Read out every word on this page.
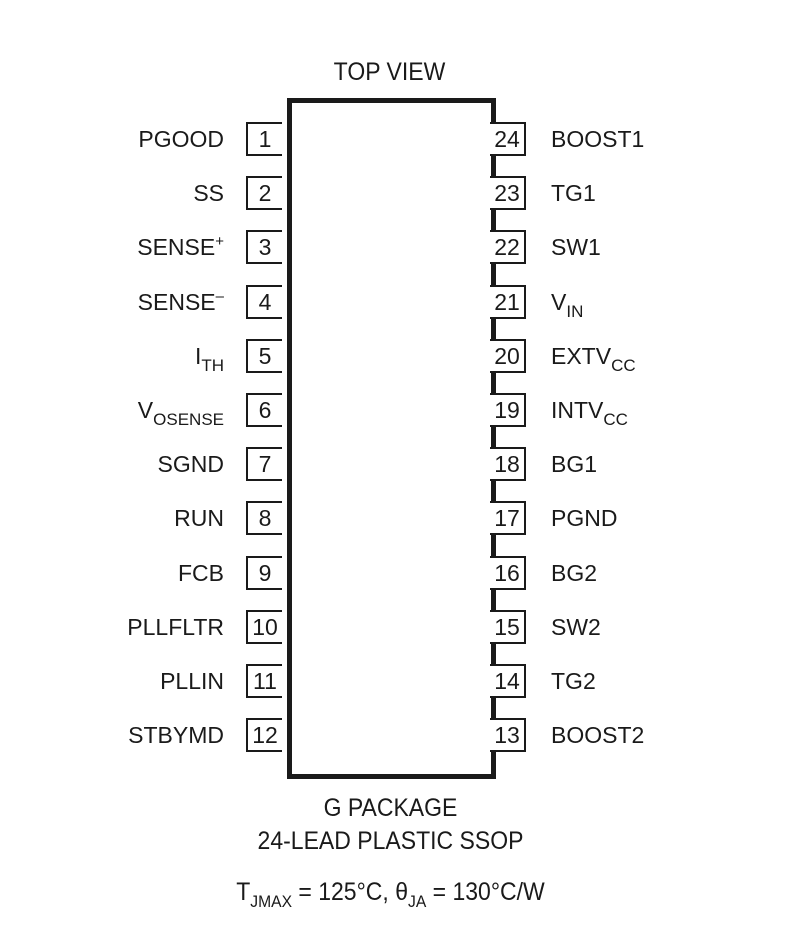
TOP VIEW
1
PGOOD
2
SS
3
SENSE+
4
SENSE–
5
$I_{TH}$
6
$V_{OSENSE}$
7
SGND
8
RUN
9
FCB
10
PLLFLTR
11
PLLIN
12
STBYMD
24 BOOST1
23 TG1
22 SW1
21 $V_{IN}$
20 $EXTV_{CC}$
19 $INTV_{CC}$
18 BG1
17 PGND
16 BG2
15 SW2
14 TG2
13 BOOST2
G PACKAGE
24-LEAD PLASTIC SSOP
$T_{JMAX} = 125^\circ C$, $\theta_{JA} = 130^\circ C/W$
